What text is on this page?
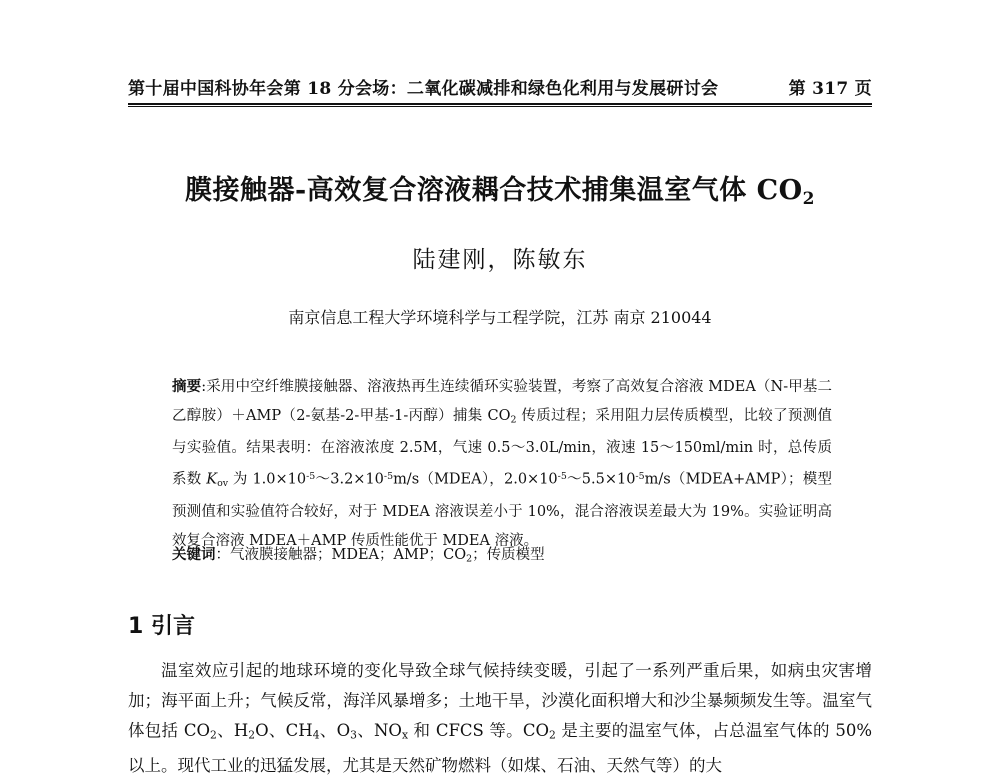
第十届中国科协年会第 18 分会场：二氧化碳减排和绿色化利用与发展研讨会	第 317 页
膜接触器-高效复合溶液耦合技术捕集温室气体 $CO_2$
陆建刚，陈敏东
南京信息工程大学环境科学与工程学院，江苏 南京 210044
摘要:采用中空纤维膜接触器、溶液热再生连续循环实验装置，考察了高效复合溶液 MDEA（N-甲基二乙醇胺）＋AMP（2-氨基-2-甲基-1-丙醇）捕集 $CO_2$ 传质过程；采用阻力层传质模型，比较了预测值与实验值。结果表明：在溶液浓度 2.5M，气速 0.5～3.0L/min，液速 15～150ml/min 时，总传质系数 $K_{ov}$ 为 $1.0\times 10^{-5}\sim 3.2\times 10^{-5}m/s(MDEA)$，$2.0\times 10^{-5}\sim 5.5\times 10^{-5}m/s(MDEA+AMP)$；模型预测值和实验值符合较好，对于 MDEA 溶液误差小于 10%，混合溶液误差最大为 19%。实验证明高效复合溶液 MDEA＋AMP 传质性能优于 MDEA 溶液。
关键词：气液膜接触器；MDEA；AMP；$CO_2$；传质模型
1 引言
温室效应引起的地球环境的变化导致全球气候持续变暖，引起了一系列严重后果，如病虫灾害增加；海平面上升；气候反常，海洋风暴增多；土地干旱，沙漠化面积增大和沙尘暴频频发生等。温室气体包括 $CO_2$、$H_2O$、$CH_4$、$O_3$、$NO_x$ 和 CFCS 等。$CO_2$ 是主要的温室气体，占总温室气体的 50%以上。现代工业的迅猛发展，尤其是天然矿物燃料（如煤、石油、天然气等）的大
